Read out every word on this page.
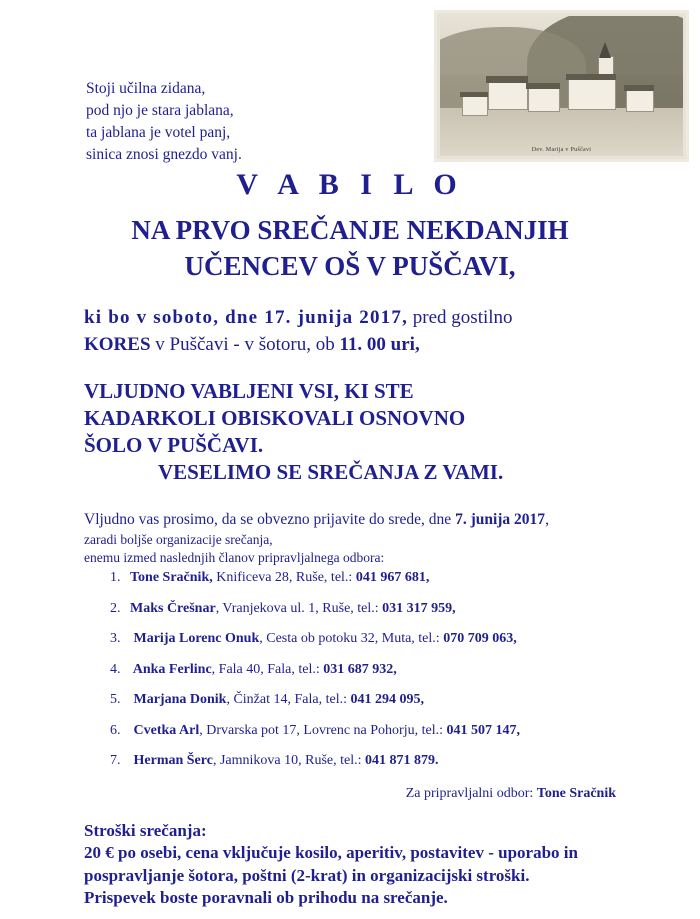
Dev. Marija v Puščavi
Stoji učilna zidana,
pod njo je stara jablana,
ta jablana je votel panj,
sinica znosi gnezdo vanj.
V A B I L O
NA PRVO SREČANJE NEKDANJIH
UČENCEV OŠ V PUŠČAVI,
ki bo v soboto, dne 17. junija 2017, pred gostilno
KORES v Puščavi - v šotoru, ob 11. 00 uri,
VLJUDNO VABLJENI VSI, KI STE
KADARKOLI OBISKOVALI OSNOVNO
ŠOLO V PUŠČAVI.
VESELIMO SE SREČANJA Z VAMI.
Vljudno vas prosimo, da se obvezno prijavite do srede, dne 7. junija 2017,
zaradi boljše organizacije srečanja,
enemu izmed naslednjih članov pripravljalnega odbora:
1. Tone Sračnik, Knificeva 28, Ruše, tel.: 041 967 681,
2. Maks Črešnar, Vranjekova ul. 1, Ruše, tel.: 031 317 959,
3. Marija Lorenc Onuk, Cesta ob potoku 32, Muta, tel.: 070 709 063,
4. Anka Ferlinc, Fala 40, Fala, tel.: 031 687 932,
5. Marjana Donik, Činžat 14, Fala, tel.: 041 294 095,
6. Cvetka Arl, Drvarska pot 17, Lovrenc na Pohorju, tel.: 041 507 147,
7. Herman Šerc, Jamnikova 10, Ruše, tel.: 041 871 879.
Za pripravljalni odbor: Tone Sračnik
Stroški srečanja:
20 € po osebi, cena vključuje kosilo, aperitiv, postavitev - uporabo in
pospravljanje šotora, poštni (2-krat) in organizacijski stroški.
Prispevek boste poravnali ob prihodu na srečanje.
